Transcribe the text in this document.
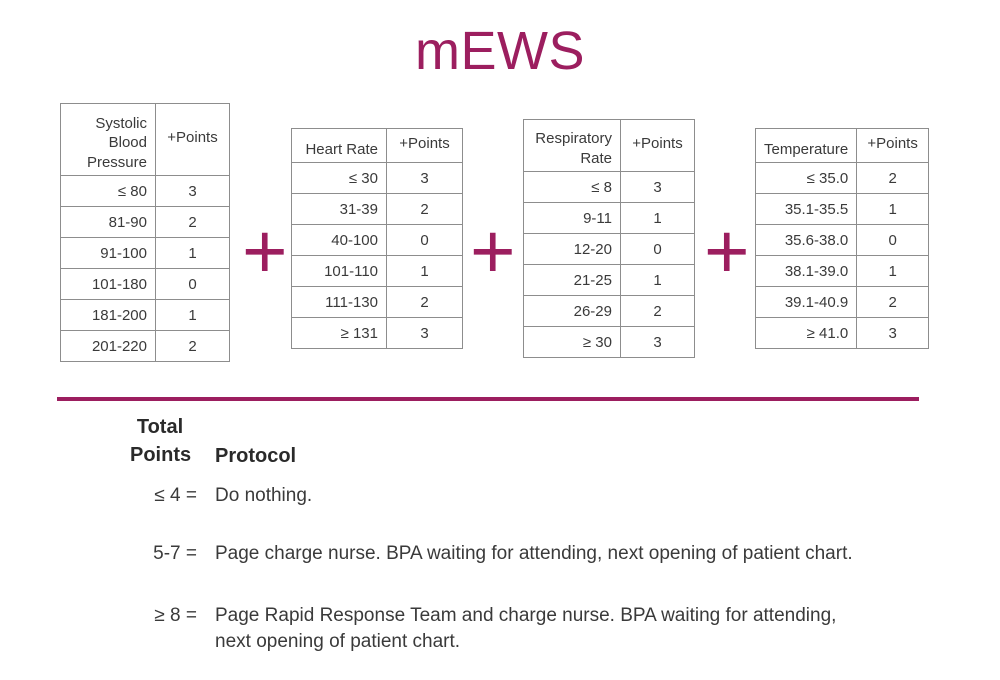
mEWS
Systolic Blood Pressure	+Points
≤ 80	3
81-90	2
91-100	1
101-180	0
181-200	1
201-220	2
+
Heart Rate	+Points
≤ 30	3
31-39	2
40-100	0
101-110	1
111-130	2
≥ 131	3
+
Respiratory Rate	+Points
≤ 8	3
9-11	1
12-20	0
21-25	1
26-29	2
≥ 30	3
+
Temperature	+Points
≤ 35.0	2
35.1-35.5	1
35.6-38.0	0
38.1-39.0	1
39.1-40.9	2
≥ 41.0	3
Total Points	Protocol
≤ 4 = Do nothing.
5-7 = Page charge nurse. BPA waiting for attending, next opening of patient chart.
≥ 8 = Page Rapid Response Team and charge nurse. BPA waiting for attending, next opening of patient chart.
